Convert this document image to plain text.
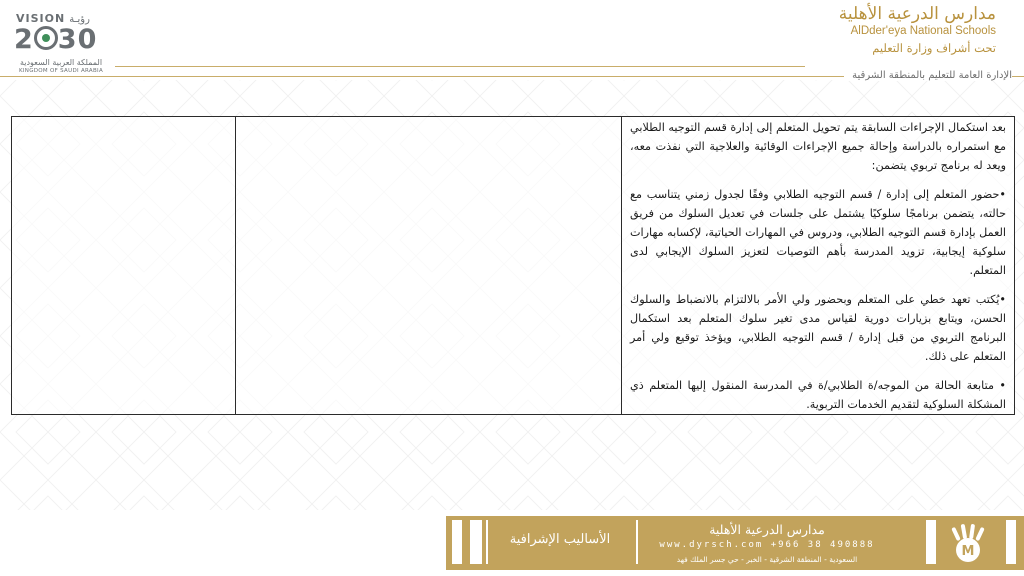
VISION رؤيـة
2 30
المملكة العربية السعودية
KINGDOM OF SAUDI ARABIA
مدارس الدرعية الأهلية
AlDder'eya National Schools
تحت أشراف وزارة التعليم
الإدارة العامة للتعليم بالمنطقة الشرقية

بعد استكمال الإجراءات السابقة يتم تحويل المتعلم إلى إدارة قسم التوجيه الطلابي مع استمراره بالدراسة وإحالة جميع الإجراءات الوقائية والعلاجية التي نفذت معه، ويعد له برنامج تربوي يتضمن:

•حضور المتعلم إلى إدارة / قسم التوجيه الطلابي وفقًا لجدول زمني يتناسب مع حالته، يتضمن برنامجًا سلوكيًا يشتمل على جلسات في تعديل السلوك من فريق العمل بإدارة قسم التوجيه الطلابي، ودروس في المهارات الحياتية، لإكسابه مهارات سلوكية إيجابية، تزويد المدرسة بأهم التوصيات لتعزيز السلوك الإيجابي لدى المتعلم.

•يُكتب تعهد خطي على المتعلم وبحضور ولي الأمر بالالتزام بالانضباط والسلوك الحسن، ويتابع بزيارات دورية لقياس مدى تغير سلوك المتعلم بعد استكمال البرنامج التربوي من قبل إدارة / قسم التوجيه الطلابي، ويؤخذ توقيع ولي أمر المتعلم على ذلك.

• متابعة الحالة من الموجه/ة الطلابي/ة في المدرسة المنقول إليها المتعلم ذي المشكلة السلوكية لتقديم الخدمات التربوية.

الأساليب الإشرافية
مدارس الدرعية الأهلية
www.dyrsch.com +966 38 490888
السعودية - المنطقة الشرقية - الخبر - حي جسر الملك فهد
M
